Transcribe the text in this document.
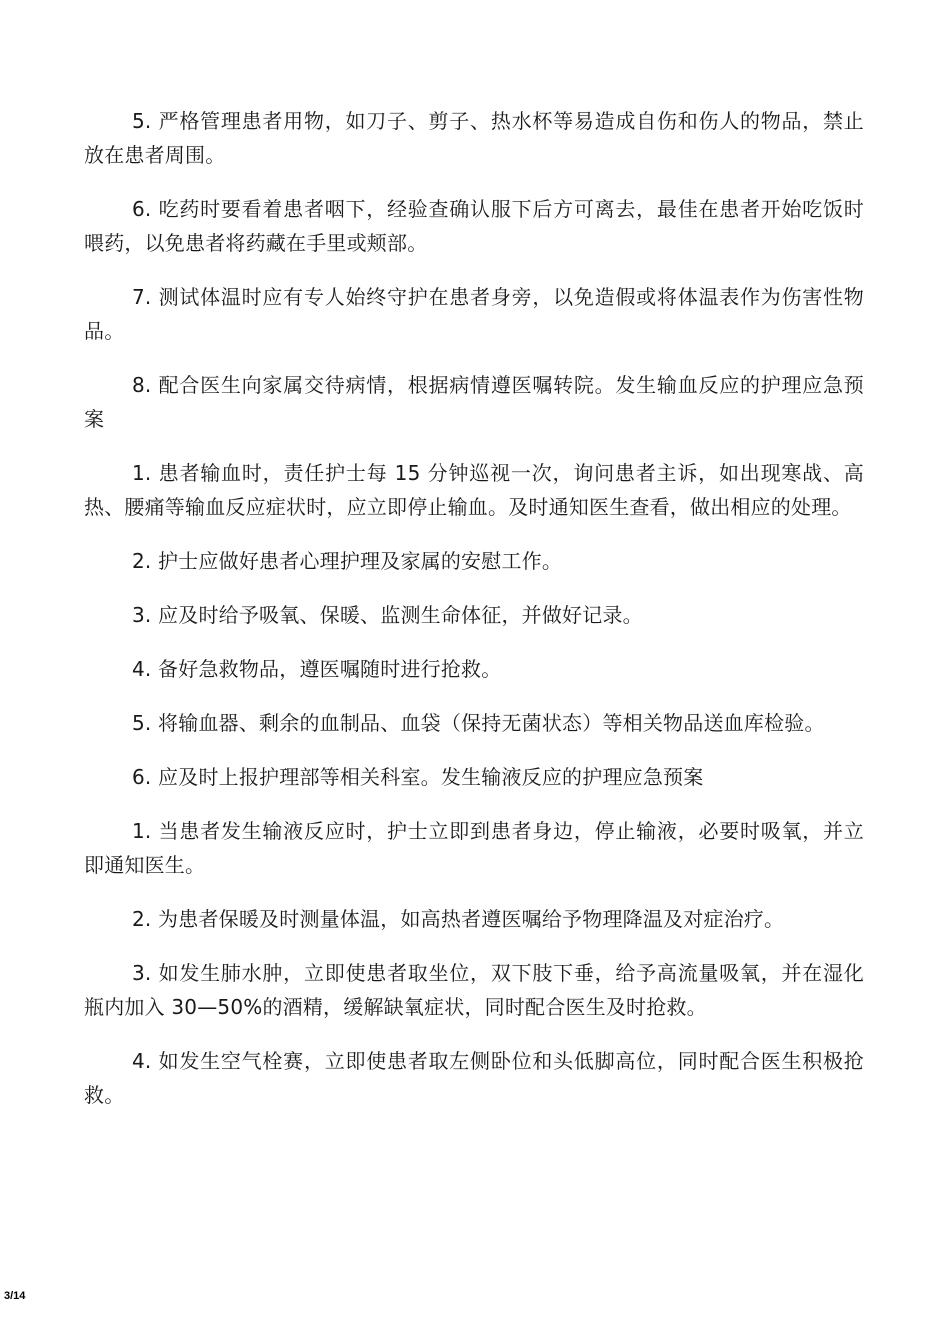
5. 严格管理患者用物，如刀子、剪子、热水杯等易造成自伤和伤人的物品，禁止放在患者周围。

6. 吃药时要看着患者咽下，经验查确认服下后方可离去，最佳在患者开始吃饭时喂药，以免患者将药藏在手里或颊部。

7. 测试体温时应有专人始终守护在患者身旁，以免造假或将体温表作为伤害性物品。

8. 配合医生向家属交待病情，根据病情遵医嘱转院。发生输血反应的护理应急预案

1. 患者输血时，责任护士每 15 分钟巡视一次，询问患者主诉，如出现寒战、高热、腰痛等输血反应症状时，应立即停止输血。及时通知医生查看，做出相应的处理。

2. 护士应做好患者心理护理及家属的安慰工作。

3. 应及时给予吸氧、保暖、监测生命体征，并做好记录。

4. 备好急救物品，遵医嘱随时进行抢救。

5. 将输血器、剩余的血制品、血袋（保持无菌状态）等相关物品送血库检验。

6. 应及时上报护理部等相关科室。发生输液反应的护理应急预案

1. 当患者发生输液反应时，护士立即到患者身边，停止输液，必要时吸氧，并立即通知医生。

2. 为患者保暖及时测量体温，如高热者遵医嘱给予物理降温及对症治疗。

3. 如发生肺水肿，立即使患者取坐位，双下肢下垂，给予高流量吸氧，并在湿化瓶内加入 30—50%的酒精，缓解缺氧症状，同时配合医生及时抢救。

4. 如发生空气栓赛，立即使患者取左侧卧位和头低脚高位，同时配合医生积极抢救。

3/14
